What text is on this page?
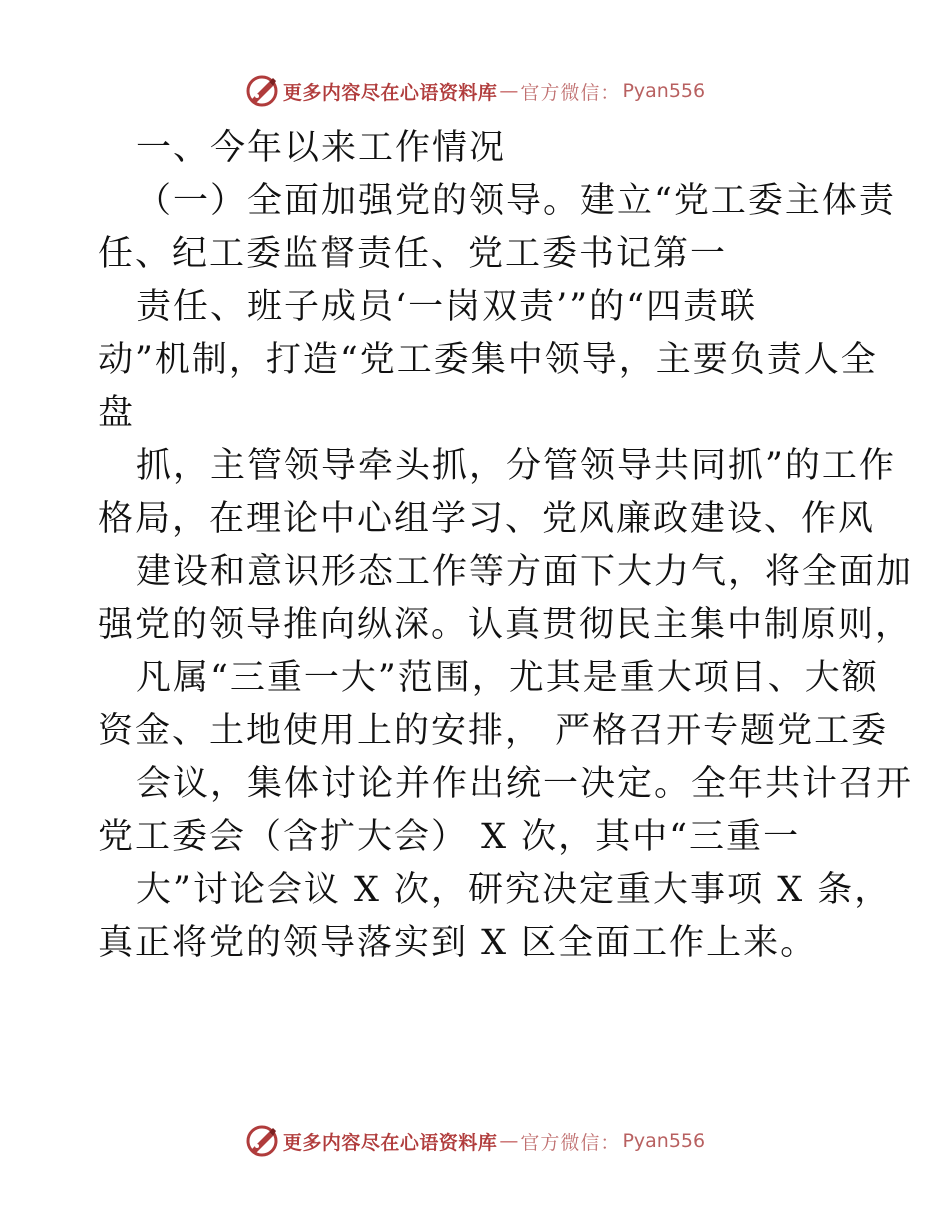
更多内容尽在心语资料库 — 官方微信： Pyan556
一、今年以来工作情况
（一）全面加强党的领导。建立“党工委主体责
任、纪工委监督责任、党工委书记第一
责任、班子成员‘一岗双责’”的“四责联
动”机制，打造“党工委集中领导，主要负责人全
盘
抓，主管领导牵头抓，分管领导共同抓”的工作
格局，在理论中心组学习、党风廉政建设、作风
建设和意识形态工作等方面下大力气，将全面加
强党的领导推向纵深。认真贯彻民主集中制原则，
凡属“三重一大”范围，尤其是重大项目、大额
资金、土地使用上的安排， 严格召开专题党工委
会议，集体讨论并作出统一决定。全年共计召开
党工委会（含扩大会） X 次，其中“三重一
大”讨论会议 X 次，研究决定重大事项 X 条，
真正将党的领导落实到 X 区全面工作上来。
更多内容尽在心语资料库 — 官方微信： Pyan556
